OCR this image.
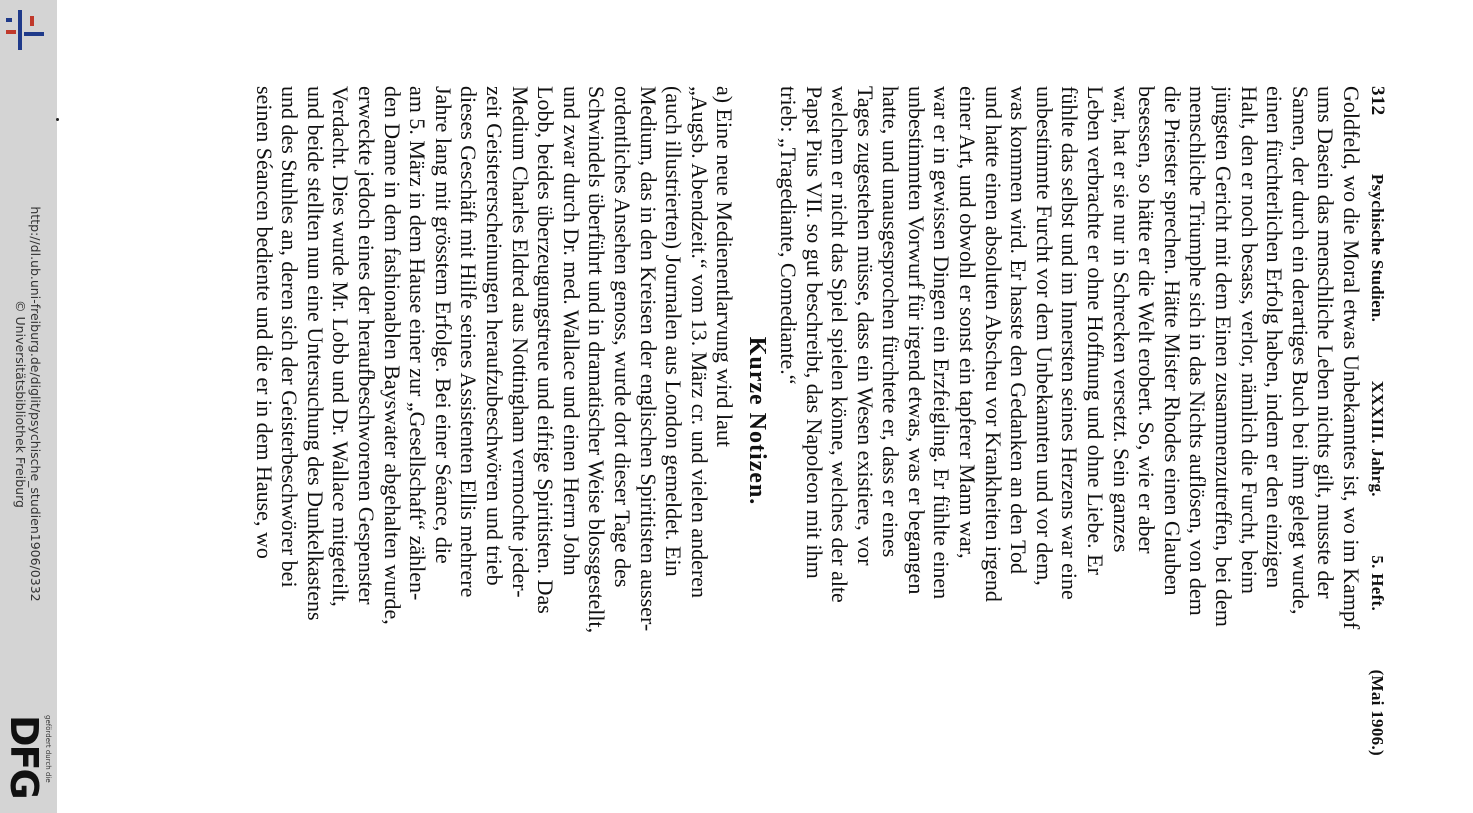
http://dl.ub.uni-freiburg.de/diglit/psychische_studien1906/0332
© Universitätsbibliothek Freiburg
gefördert durch die
DFG
312
Psychische Studien.
XXXIII. Jahrg.
5. Heft.
(Mai 1906.)
Goldfeld, wo die Moral etwas Unbekanntes ist, wo im Kampf
ums Dasein das menschliche Leben nichts gilt, musste der
Samen, der durch ein derartiges Buch bei ihm gelegt wurde,
einen fürchterlichen Erfolg haben, indem er den einzigen
Halt, den er noch besass, verlor, nämlich die Furcht, beim
jüngsten Gericht mit dem Einen zusammenzutreffen, bei dem
menschliche Triumphe sich in das Nichts auflösen, von dem
die Priester sprechen. Hätte Mister Rhodes einen Glauben
besessen, so hätte er die Welt erobert. So, wie er aber
war, hat er sie nur in Schrecken versetzt. Sein ganzes
Leben verbrachte er ohne Hoffnung und ohne Liebe. Er
fühlte das selbst und im Innersten seines Herzens war eine
unbestimmte Furcht vor dem Unbekannten und vor dem,
was kommen wird. Er hasste den Gedanken an den Tod
und hatte einen absoluten Abscheu vor Krankheiten irgend
einer Art, und obwohl er sonst ein tapferer Mann war,
war er in gewissen Dingen ein Erzfeigling. Er fühlte einen
unbestimmten Vorwurf für irgend etwas, was er begangen
hatte, und unausgesprochen fürchtete er, dass er eines
Tages zugestehen müsse, dass ein Wesen existiere, vor
welchem er nicht das Spiel spielen könne, welches der alte
Papst Pius VII. so gut beschreibt, das Napoleon mit ihm
trieb: „Tragediante, Comediante.“
Kurze Notizen.
a) Eine neue Medienentlarvung wird laut
„Augsb. Abendzeit.“ vom 13. März cr. und vielen anderen
(auch illustrierten) Journalen aus London gemeldet. Ein
Medium, das in den Kreisen der englischen Spiritisten ausser-
ordentliches Ansehen genoss, wurde dort dieser Tage des
Schwindels überführt und in dramatischer Weise blossgestellt,
und zwar durch Dr. med. Wallace und einen Herrn John
Lobb, beides überzeugungstreue und eifrige Spiritisten. Das
Medium Charles Eldred aus Nottingham vermochte jeder-
zeit Geistererscheinungen heraufzubeschwören und trieb
dieses Geschäft mit Hilfe seines Assistenten Ellis mehrere
Jahre lang mit grösstem Erfolge. Bei einer Séance, die
am 5. März in dem Hause einer zur „Gesellschaft“ zählen-
den Dame in dem fashionablen Bayswater abgehalten wurde,
erweckte jedoch eines der heraufbeschworenen Gespenster
Verdacht. Dies wurde Mr. Lobb und Dr. Wallace mitgeteilt,
und beide stellten nun eine Untersuchung des Dunkelkastens
und des Stuhles an, deren sich der Geisterbeschwörer bei
seinen Séancen bediente und die er in dem Hause, wo
